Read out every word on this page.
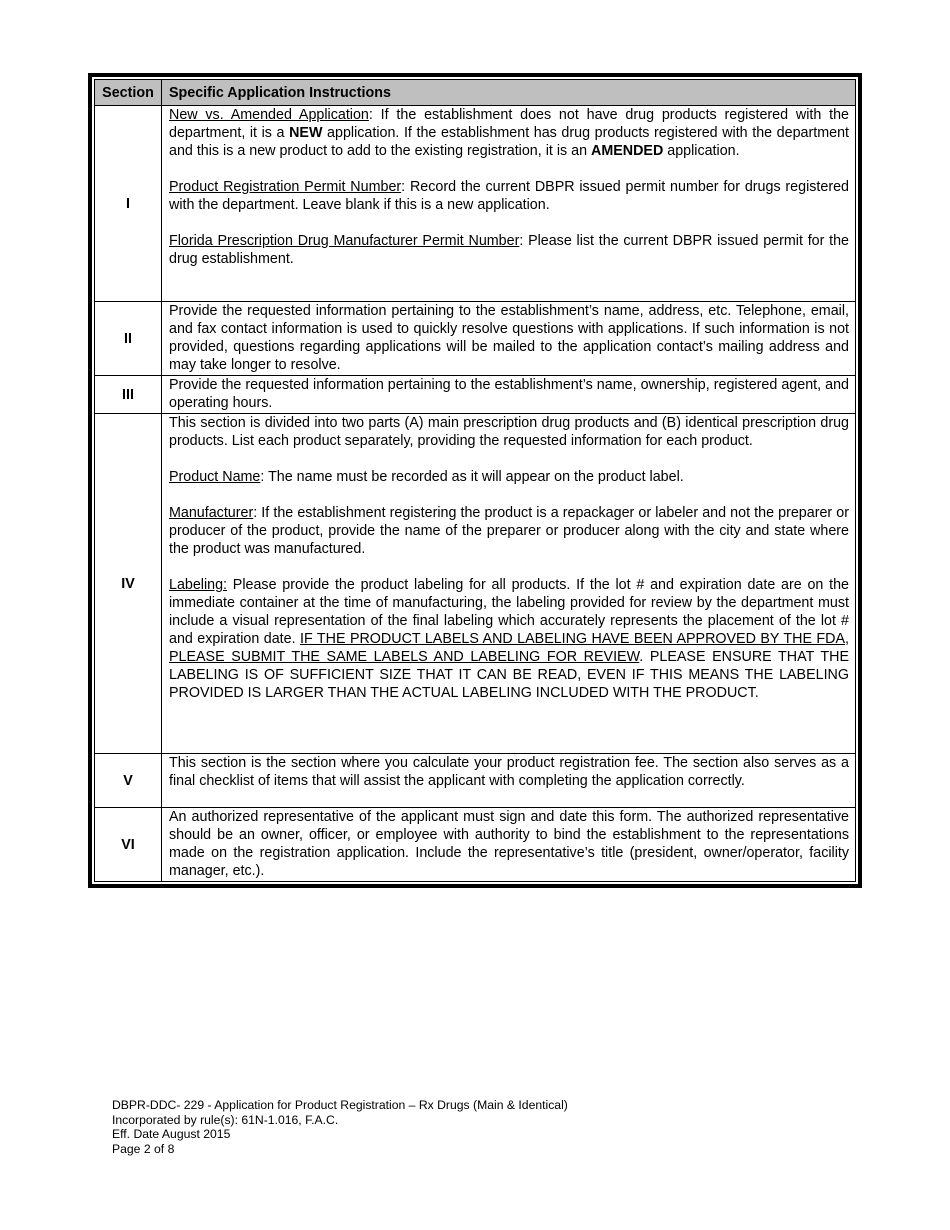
Section	Specific Application Instructions
I	New vs. Amended Application: If the establishment does not have drug products registered with the department, it is a NEW application. If the establishment has drug products registered with the department and this is a new product to add to the existing registration, it is an AMENDED application.

Product Registration Permit Number: Record the current DBPR issued permit number for drugs registered with the department. Leave blank if this is a new application.

Florida Prescription Drug Manufacturer Permit Number: Please list the current DBPR issued permit for the drug establishment.

II	Provide the requested information pertaining to the establishment’s name, address, etc. Telephone, email, and fax contact information is used to quickly resolve questions with applications. If such information is not provided, questions regarding applications will be mailed to the application contact’s mailing address and may take longer to resolve.

III	Provide the requested information pertaining to the establishment’s name, ownership, registered agent, and operating hours.

IV	This section is divided into two parts (A) main prescription drug products and (B) identical prescription drug products. List each product separately, providing the requested information for each product.

Product Name: The name must be recorded as it will appear on the product label.

Manufacturer: If the establishment registering the product is a repackager or labeler and not the preparer or producer of the product, provide the name of the preparer or producer along with the city and state where the product was manufactured.

Labeling: Please provide the product labeling for all products. If the lot # and expiration date are on the immediate container at the time of manufacturing, the labeling provided for review by the department must include a visual representation of the final labeling which accurately represents the placement of the lot # and expiration date. IF THE PRODUCT LABELS AND LABELING HAVE BEEN APPROVED BY THE FDA, PLEASE SUBMIT THE SAME LABELS AND LABELING FOR REVIEW. PLEASE ENSURE THAT THE LABELING IS OF SUFFICIENT SIZE THAT IT CAN BE READ, EVEN IF THIS MEANS THE LABELING PROVIDED IS LARGER THAN THE ACTUAL LABELING INCLUDED WITH THE PRODUCT.

V	This section is the section where you calculate your product registration fee. The section also serves as a final checklist of items that will assist the applicant with completing the application correctly.

VI	An authorized representative of the applicant must sign and date this form. The authorized representative should be an owner, officer, or employee with authority to bind the establishment to the representations made on the registration application. Include the representative’s title (president, owner/operator, facility manager, etc.).

DBPR-DDC- 229 - Application for Product Registration – Rx Drugs (Main & Identical)
Incorporated by rule(s): 61N-1.016, F.A.C.
Eff. Date August 2015
Page 2 of 8
